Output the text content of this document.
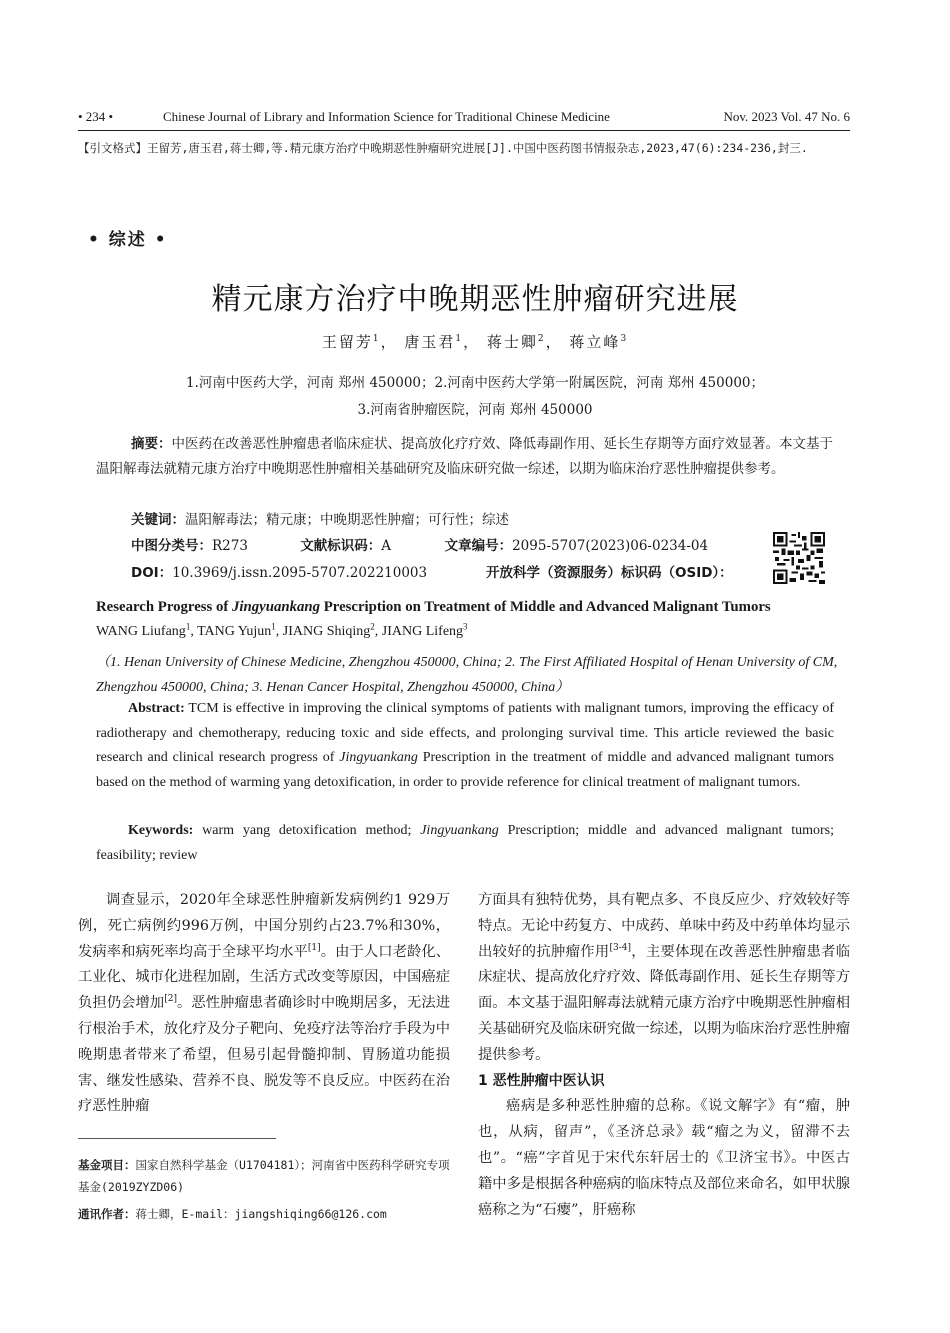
• 234 •	Chinese Journal of Library and Information Science for Traditional Chinese Medicine	Nov. 2023 Vol. 47 No. 6
【引文格式】王留芳,唐玉君,蒋士卿,等.精元康方治疗中晚期恶性肿瘤研究进展[J].中国中医药图书情报杂志,2023,47(6):234-236,封三.
• 综述 •
精元康方治疗中晚期恶性肿瘤研究进展
王留芳$^1$， 唐玉君$^1$， 蒋士卿$^2$， 蒋立峰$^3$
1.河南中医药大学，河南 郑州 450000；2.河南中医药大学第一附属医院，河南 郑州 450000；
3.河南省肿瘤医院，河南 郑州 450000
摘要：中医药在改善恶性肿瘤患者临床症状、提高放化疗疗效、降低毒副作用、延长生存期等方面疗效显著。本文基于温阳解毒法就精元康方治疗中晚期恶性肿瘤相关基础研究及临床研究做一综述，以期为临床治疗恶性肿瘤提供参考。
关键词：温阳解毒法；精元康；中晚期恶性肿瘤；可行性；综述
中图分类号：R273	文献标识码：A	文章编号：2095-5707(2023)06-0234-04
DOI：10.3969/j.issn.2095-5707.202210003	开放科学（资源服务）标识码（OSID）：
Research Progress of Jingyuankang Prescription on Treatment of Middle and Advanced Malignant Tumors
WANG Liufang$^1$, TANG Yujun$^1$, JIANG Shiqing$^2$, JIANG Lifeng$^3$
（1. Henan University of Chinese Medicine, Zhengzhou 450000, China; 2. The First Affiliated Hospital of Henan University of CM, Zhengzhou 450000, China; 3. Henan Cancer Hospital, Zhengzhou 450000, China）
Abstract: TCM is effective in improving the clinical symptoms of patients with malignant tumors, improving the efficacy of radiotherapy and chemotherapy, reducing toxic and side effects, and prolonging survival time. This article reviewed the basic research and clinical research progress of Jingyuankang Prescription in the treatment of middle and advanced malignant tumors based on the method of warming yang detoxification, in order to provide reference for clinical treatment of malignant tumors.
Keywords: warm yang detoxification method; Jingyuankang Prescription; middle and advanced malignant tumors; feasibility; review
调查显示，2020年全球恶性肿瘤新发病例约1 929万例，死亡病例约996万例，中国分别约占23.7%和30%，发病率和病死率均高于全球平均水平[1]。由于人口老龄化、工业化、城市化进程加剧，生活方式改变等原因，中国癌症负担仍会增加[2]。恶性肿瘤患者确诊时中晚期居多，无法进行根治手术，放化疗及分子靶向、免疫疗法等治疗手段为中晚期患者带来了希望，但易引起骨髓抑制、胃肠道功能损害、继发性感染、营养不良、脱发等不良反应。中医药在治疗恶性肿瘤

方面具有独特优势，具有靶点多、不良反应少、疗效较好等特点。无论中药复方、中成药、单味中药及中药单体均显示出较好的抗肿瘤作用[3-4]，主要体现在改善恶性肿瘤患者临床症状、提高放化疗疗效、降低毒副作用、延长生存期等方面。本文基于温阳解毒法就精元康方治疗中晚期恶性肿瘤相关基础研究及临床研究做一综述，以期为临床治疗恶性肿瘤提供参考。

1 恶性肿瘤中医认识

癌病是多种恶性肿瘤的总称。《说文解字》有“瘤，肿也，从病，留声”，《圣济总录》载“瘤之为义，留滞不去也”。“癌”字首见于宋代东轩居士的《卫济宝书》。中医古籍中多是根据各种癌病的临床特点及部位来命名，如甲状腺癌称之为“石瘿”，肝癌称

基金项目：国家自然科学基金（U1704181）；河南省中医药科学研究专项基金(2019ZYZD06)
通讯作者：蒋士卿，E-mail：jiangshiqing66@126.com
